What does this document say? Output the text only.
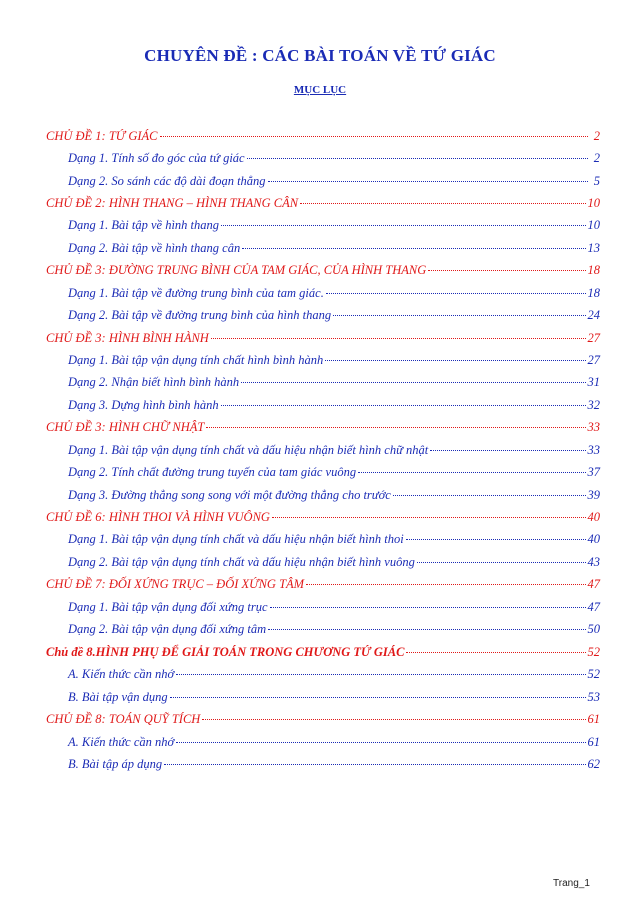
CHUYÊN ĐỀ : CÁC BÀI TOÁN VỀ TỨ GIÁC
MỤC LỤC
CHỦ ĐỀ 1: TỨ GIÁC	2
Dạng 1. Tính số đo góc của tứ giác	2
Dạng 2. So sánh các độ dài đoạn thẳng	5
CHỦ ĐỀ 2: HÌNH THANG – HÌNH THANG CÂN	10
Dạng 1. Bài tập về hình thang	10
Dạng 2. Bài tập về hình thang cân	13
CHỦ ĐỀ 3: ĐƯỜNG TRUNG BÌNH CỦA TAM GIÁC, CỦA HÌNH THANG	18
Dạng 1. Bài tập về đường trung bình của tam giác.	18
Dạng 2. Bài tập về đường trung bình của hình thang	24
CHỦ ĐỀ 3: HÌNH BÌNH HÀNH	27
Dạng 1. Bài tập vận dụng tính chất hình bình hành	27
Dạng 2. Nhận biết hình bình hành	31
Dạng 3. Dựng hình bình hành	32
CHỦ ĐỀ 3: HÌNH CHỮ NHẬT	33
Dạng 1. Bài tập vận dụng tính chất và dấu hiệu nhận biết hình chữ nhật	33
Dạng 2. Tính chất đường trung tuyến của tam giác vuông	37
Dạng 3. Đường thẳng song song với một đường thẳng cho trước	39
CHỦ ĐỀ 6: HÌNH THOI VÀ HÌNH VUÔNG	40
Dạng 1. Bài tập vận dụng tính chất và dấu hiệu nhận biết hình thoi	40
Dạng 2. Bài tập vận dụng tính chất và dấu hiệu nhận biết hình vuông	43
CHỦ ĐỀ 7: ĐỐI XỨNG TRỤC – ĐỐI XỨNG TÂM	47
Dạng 1. Bài tập vận dụng đối xứng trục	47
Dạng 2. Bài tập vận dụng đối xứng tâm	50
Chủ đề 8.HÌNH PHỤ ĐỂ GIẢI TOÁN TRONG CHƯƠNG TỨ GIÁC	52
A. Kiến thức cần nhớ	52
B. Bài tập vận dụng	53
CHỦ ĐỀ 8: TOÁN QUỸ TÍCH	61
A. Kiến thức cần nhớ	61
B. Bài tập áp dụng	62
Trang_1
